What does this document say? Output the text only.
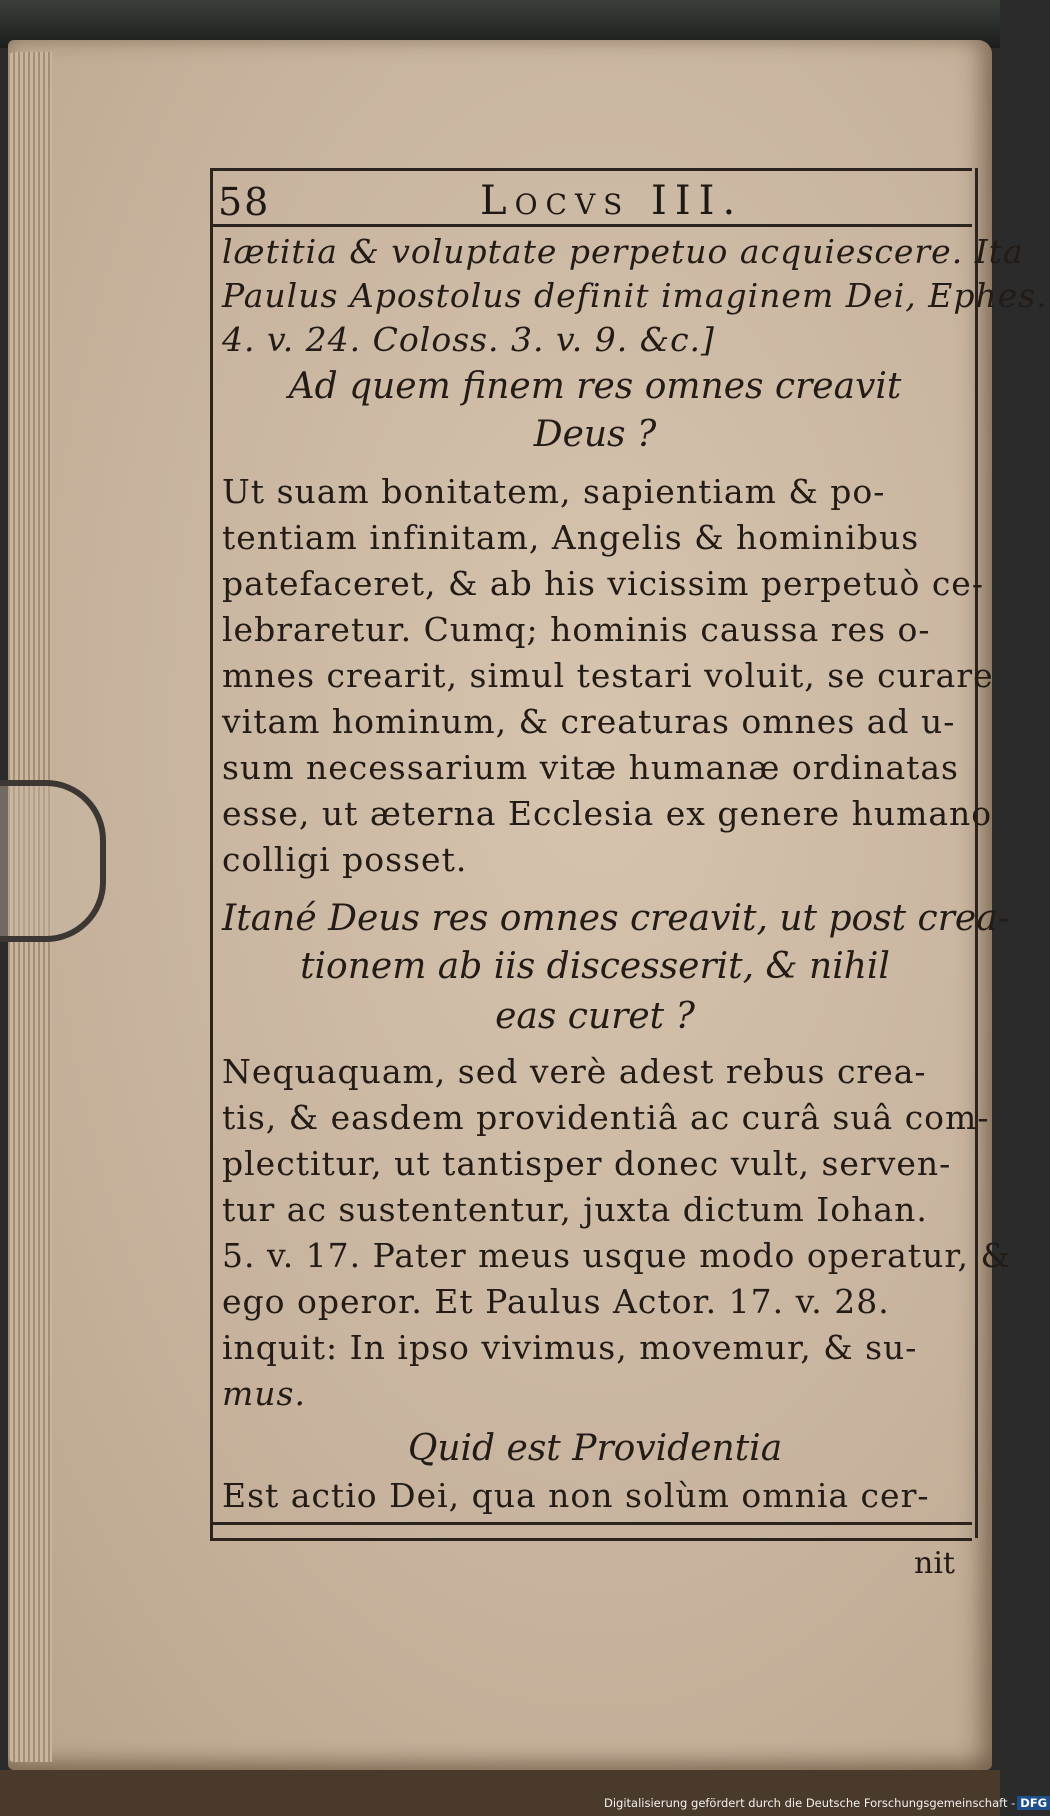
58	Locvs III.
lætitia & voluptate perpetuo acquiescere. Ita
Paulus Apostolus definit imaginem Dei, Ephes.
4. v. 24. Coloss. 3. v. 9. &c.]
Ad quem finem res omnes creavit
Deus ?
Ut suam bonitatem, sapientiam & po-
tentiam infinitam, Angelis & hominibus
patefaceret, & ab his vicissim perpetuò ce-
lebraretur. Cumq; hominis caussa res o-
mnes crearit, simul testari voluit, se curare
vitam hominum, & creaturas omnes ad u-
sum necessarium vitæ humanæ ordinatas
esse, ut æterna Ecclesia ex genere humano
colligi posset.
Itané Deus res omnes creavit, ut post crea-
tionem ab iis discesserit, & nihil
eas curet ?
Nequaquam, sed verè adest rebus crea-
tis, & easdem providentiâ ac curâ suâ com-
plectitur, ut tantisper donec vult, serven-
tur ac sustententur, juxta dictum Iohan.
5. v. 17. Pater meus usque modo operatur, &
ego operor. Et Paulus Actor. 17. v. 28.
inquit: In ipso vivimus, movemur, & su-
mus.
Quid est Providentia
Est actio Dei, qua non solùm omnia cer-
nit
Digitalisierung gefördert durch die Deutsche Forschungsgemeinschaft - DFG
